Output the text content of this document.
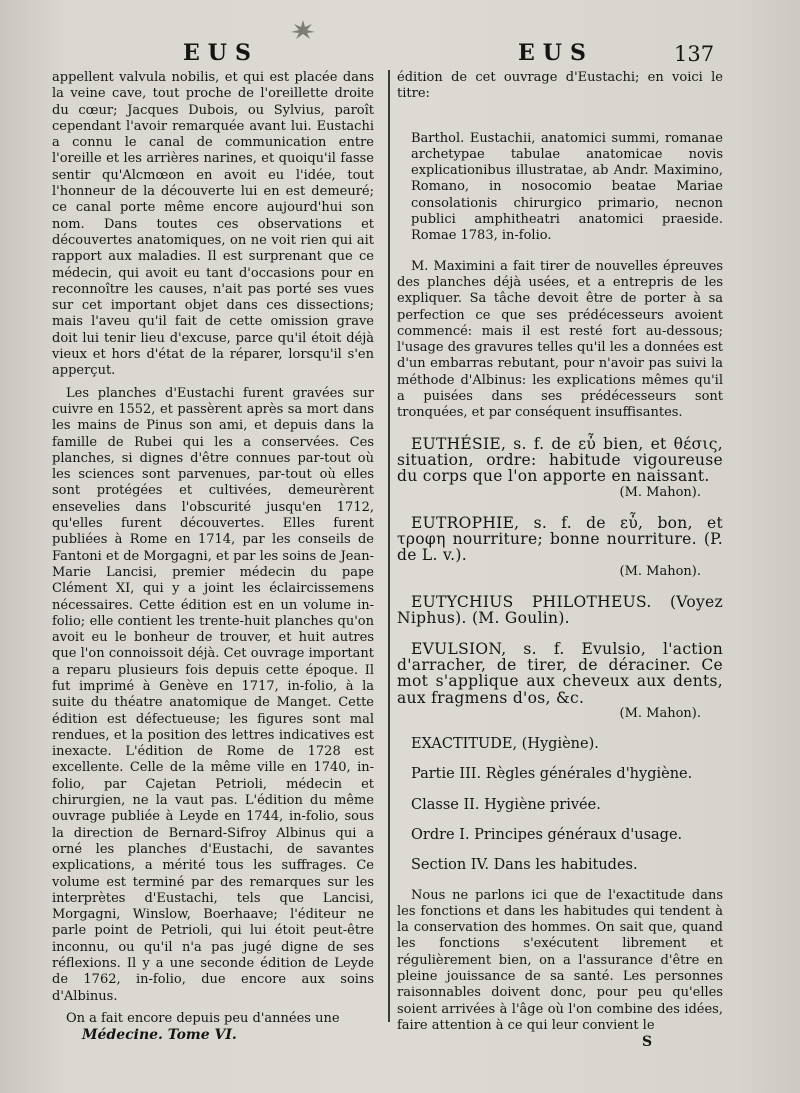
EUS	EUS	137

appellent valvula nobilis, et qui est placée dans la veine cave, tout proche de l'oreillette droite du cœur; Jacques Dubois, ou Sylvius, paroît cependant l'avoir remarquée avant lui. Eustachi a connu le canal de communication entre l'oreille et les arrières narines, et quoiqu'il fasse sentir qu'Alcmœon en avoit eu l'idée, tout l'honneur de la découverte lui en est demeuré; ce canal porte même encore aujourd'hui son nom. Dans toutes ces observations et découvertes anatomiques, on ne voit rien qui ait rapport aux maladies. Il est surprenant que ce médecin, qui avoit eu tant d'occasions pour en reconnoître les causes, n'ait pas porté ses vues sur cet important objet dans ces dissections; mais l'aveu qu'il fait de cette omission grave doit lui tenir lieu d'excuse, parce qu'il étoit déjà vieux et hors d'état de la réparer, lorsqu'il s'en apperçut.

Les planches d'Eustachi furent gravées sur cuivre en 1552, et passèrent après sa mort dans les mains de Pinus son ami, et depuis dans la famille de Rubei qui les a conservées. Ces planches, si dignes d'être connues par-tout où les sciences sont parvenues, par-tout où elles sont protégées et cultivées, demeurèrent ensevelies dans l'obscurité jusqu'en 1712, qu'elles furent découvertes. Elles furent publiées à Rome en 1714, par les conseils de Fantoni et de Morgagni, et par les soins de Jean-Marie Lancisi, premier médecin du pape Clément XI, qui y a joint les éclaircissemens nécessaires. Cette édition est en un volume in-folio; elle contient les trente-huit planches qu'on avoit eu le bonheur de trouver, et huit autres que l'on connoissoit déjà. Cet ouvrage important a reparu plusieurs fois depuis cette époque. Il fut imprimé à Genève en 1717, in-folio, à la suite du théatre anatomique de Manget. Cette édition est défectueuse; les figures sont mal rendues, et la position des lettres indicatives est inexacte. L'édition de Rome de 1728 est excellente. Celle de la même ville en 1740, in-folio, par Cajetan Petrioli, médecin et chirurgien, ne la vaut pas. L'édition du même ouvrage publiée à Leyde en 1744, in-folio, sous la direction de Bernard-Sifroy Albinus qui a orné les planches d'Eustachi, de savantes explications, a mérité tous les suffrages. Ce volume est terminé par des remarques sur les interprètes d'Eustachi, tels que Lancisi, Morgagni, Winslow, Boerhaave; l'éditeur ne parle point de Petrioli, qui lui étoit peut-être inconnu, ou qu'il n'a pas jugé digne de ses réflexions. Il y a une seconde édition de Leyde de 1762, in-folio, due encore aux soins d'Albinus.

On a fait encore depuis peu d'années une

Médecine. Tome VI.

édition de cet ouvrage d'Eustachi; en voici le titre:

Barthol. Eustachii, anatomici summi, romanae archetypae tabulae anatomicae novis explicationibus illustratae, ab Andr. Maximino, Romano, in nosocomio beatae Mariae consolationis chirurgico primario, necnon publici amphitheatri anatomici praeside. Romae 1783, in-folio.

M. Maximini a fait tirer de nouvelles épreuves des planches déjà usées, et a entrepris de les expliquer. Sa tâche devoit être de porter à sa perfection ce que ses prédécesseurs avoient commencé: mais il est resté fort au-dessous; l'usage des gravures telles qu'il les a données est d'un embarras rebutant, pour n'avoir pas suivi la méthode d'Albinus: les explications mêmes qu'il a puisées dans ses prédécesseurs sont tronquées, et par conséquent insuffisantes.

EUTHÉSIE, s. f. de εὖ bien, et θέσις, situation, ordre: habitude vigoureuse du corps que l'on apporte en naissant.

(M. Mahon).

EUTROPHIE, s. f. de εὖ, bon, et τροφη nourriture; bonne nourriture. (P. de L. v.).

(M. Mahon).

EUTYCHIUS PHILOTHEUS. (Voyez Niphus). (M. Goulin).

EVULSION, s. f. Evulsio, l'action d'arracher, de tirer, de déraciner. Ce mot s'applique aux cheveux aux dents, aux fragmens d'os, &c.

(M. Mahon).

EXACTITUDE, (Hygiène).

Partie III. Règles générales d'hygiène.

Classe II. Hygiène privée.

Ordre I. Principes généraux d'usage.

Section IV. Dans les habitudes.

Nous ne parlons ici que de l'exactitude dans les fonctions et dans les habitudes qui tendent à la conservation des hommes. On sait que, quand les fonctions s'exécutent librement et régulièrement bien, on a l'assurance d'être en pleine jouissance de sa santé. Les personnes raisonnables doivent donc, pour peu qu'elles soient arrivées à l'âge où l'on combine des idées, faire attention à ce qui leur convient le

S
